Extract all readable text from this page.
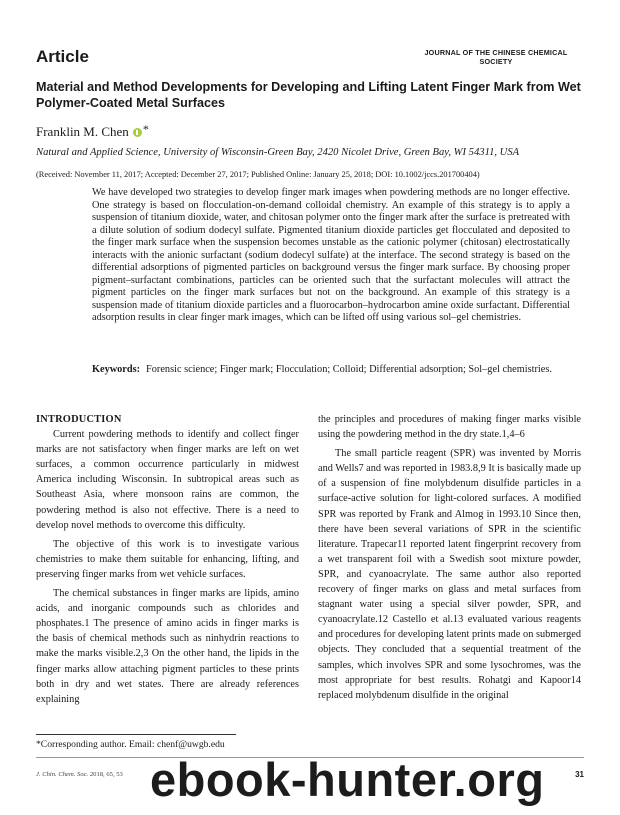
Article	JOURNAL OF THE CHINESE CHEMICAL SOCIETY
Material and Method Developments for Developing and Lifting Latent Finger Mark from Wet Polymer-Coated Metal Surfaces
Franklin M. Chen *
Natural and Applied Science, University of Wisconsin-Green Bay, 2420 Nicolet Drive, Green Bay, WI 54311, USA
(Received: November 11, 2017; Accepted: December 27, 2017; Published Online: January 25, 2018; DOI: 10.1002/jccs.201700404)

We have developed two strategies to develop finger mark images when powdering methods are no longer effective. One strategy is based on flocculation-on-demand colloidal chemistry. An example of this strategy is to apply a suspension of titanium dioxide, water, and chitosan polymer onto the finger mark after the surface is pretreated with a dilute solution of sodium dodecyl sulfate. Pigmented titanium dioxide particles get flocculated and deposited to the finger mark surface when the suspension becomes unstable as the cationic polymer (chitosan) electrostatically interacts with the anionic surfactant (sodium dodecyl sulfate) at the interface. The second strategy is based on the differential adsorptions of pigmented particles on background versus the finger mark surface. By choosing proper pigment–surfactant combinations, particles can be oriented such that the surfactant molecules will attract the pigment particles on the finger mark surfaces but not on the background. An example of this strategy is a suspension made of titanium dioxide particles and a fluorocarbon–hydrocarbon amine oxide surfactant. Differential adsorption results in clear finger mark images, which can be lifted off using various sol–gel chemistries.

Keywords: Forensic science; Finger mark; Flocculation; Colloid; Differential adsorption; Sol–gel chemistries.
INTRODUCTION

Current powdering methods to identify and collect finger marks are not satisfactory when finger marks are left on wet surfaces, a common occurrence particularly in midwest America including Wisconsin. In subtropical areas such as Southeast Asia, where monsoon rains are common, the powdering method is also not effective. There is a need to develop novel methods to overcome this difficulty.

The objective of this work is to investigate various chemistries to make them suitable for enhancing, lifting, and preserving finger marks from wet vehicle surfaces.

The chemical substances in finger marks are lipids, amino acids, and inorganic compounds such as chlorides and phosphates.1 The presence of amino acids in finger marks is the basis of chemical methods such as ninhydrin reactions to make the marks visible.2,3 On the other hand, the lipids in the finger marks allow attaching pigment particles to these prints both in dry and wet states. There are already references explaining

the principles and procedures of making finger marks visible using the powdering method in the dry state.1,4–6

The small particle reagent (SPR) was invented by Morris and Wells7 and was reported in 1983.8,9 It is basically made up of a suspension of fine molybdenum disulfide particles in a surface-active solution for light-colored surfaces. A modified SPR was reported by Frank and Almog in 1993.10 Since then, there have been several variations of SPR in the scientific literature. Trapecar11 reported latent fingerprint recovery from a wet transparent foil with a Swedish soot mixture powder, SPR, and cyanoacrylate. The same author also reported recovery of finger marks on glass and metal surfaces from stagnant water using a special silver powder, SPR, and cyanoacrylate.12 Castello et al.13 evaluated various reagents and procedures for developing latent prints made on submerged objects. They concluded that a sequential treatment of the samples, which involves SPR and some lysochromes, was the most appropriate for best results. Rohatgi and Kapoor14 replaced molybdenum disulfide in the original

*Corresponding author. Email: chenf@uwgb.edu
J. Chin. Chem. Soc. 2018, 65, 53	31
ebook-hunter.org
